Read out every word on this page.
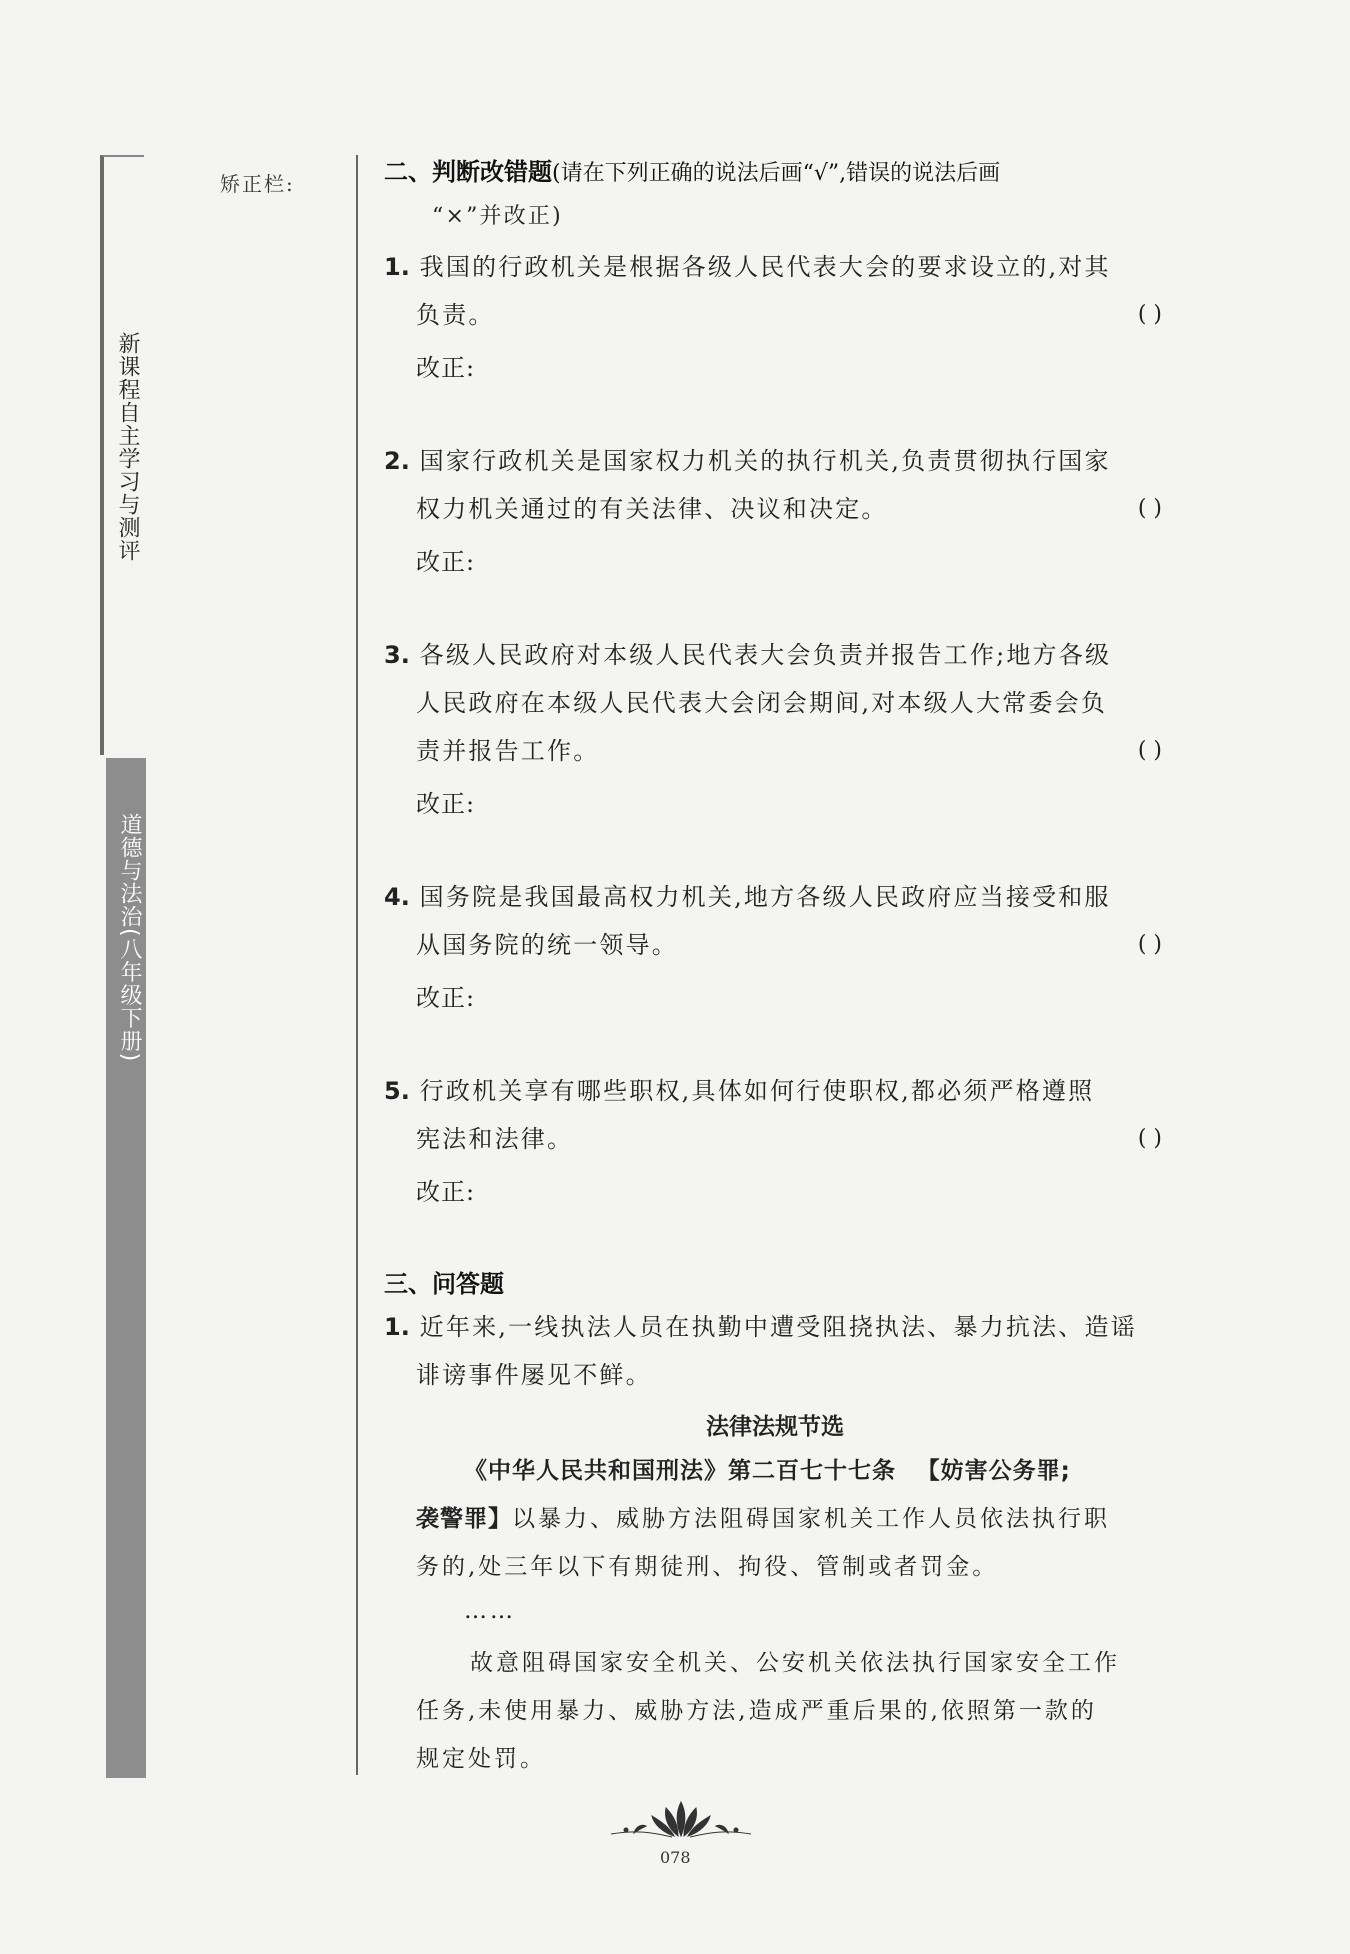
新课程自主学习与测评
道德与法治(八年级下册)
矫正栏:	二、判断改错题(请在下列正确的说法后画“√”,错误的说法后画
“×”并改正)
1. 我国的行政机关是根据各级人民代表大会的要求设立的,对其
负责。	( )
改正:
2. 国家行政机关是国家权力机关的执行机关,负责贯彻执行国家
权力机关通过的有关法律、决议和决定。	( )
改正:
3. 各级人民政府对本级人民代表大会负责并报告工作;地方各级
人民政府在本级人民代表大会闭会期间,对本级人大常委会负
责并报告工作。	( )
改正:
4. 国务院是我国最高权力机关,地方各级人民政府应当接受和服
从国务院的统一领导。	( )
改正:
5. 行政机关享有哪些职权,具体如何行使职权,都必须严格遵照
宪法和法律。	( )
改正:
三、问答题
1. 近年来,一线执法人员在执勤中遭受阻挠执法、暴力抗法、造谣
诽谤事件屡见不鲜。
法律法规节选
《中华人民共和国刑法》第二百七十七条 【妨害公务罪;
袭警罪】以暴力、威胁方法阻碍国家机关工作人员依法执行职
务的,处三年以下有期徒刑、拘役、管制或者罚金。
……
故意阻碍国家安全机关、公安机关依法执行国家安全工作
任务,未使用暴力、威胁方法,造成严重后果的,依照第一款的
规定处罚。
078
